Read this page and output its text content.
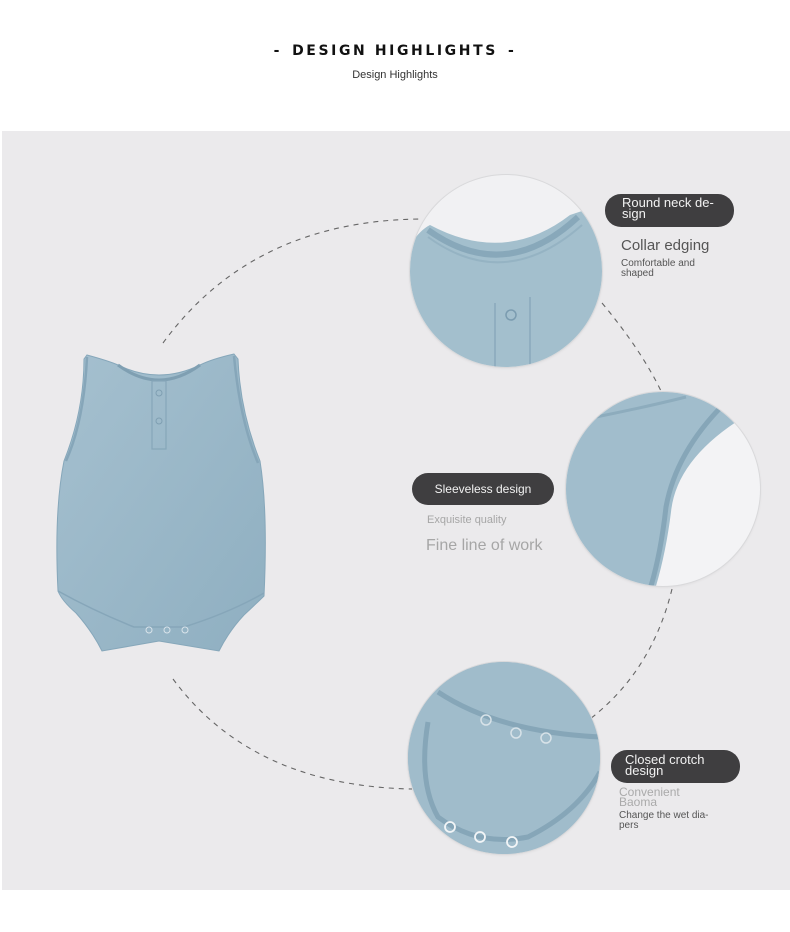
- DESIGN HIGHLIGHTS -
Design Highlights
Round neck de-
sign
Collar edging
Comfortable and
shaped
Sleeveless design
Exquisite quality
Fine line of work
Closed crotch
design
Convenient
Baoma
Change the wet dia-
pers
